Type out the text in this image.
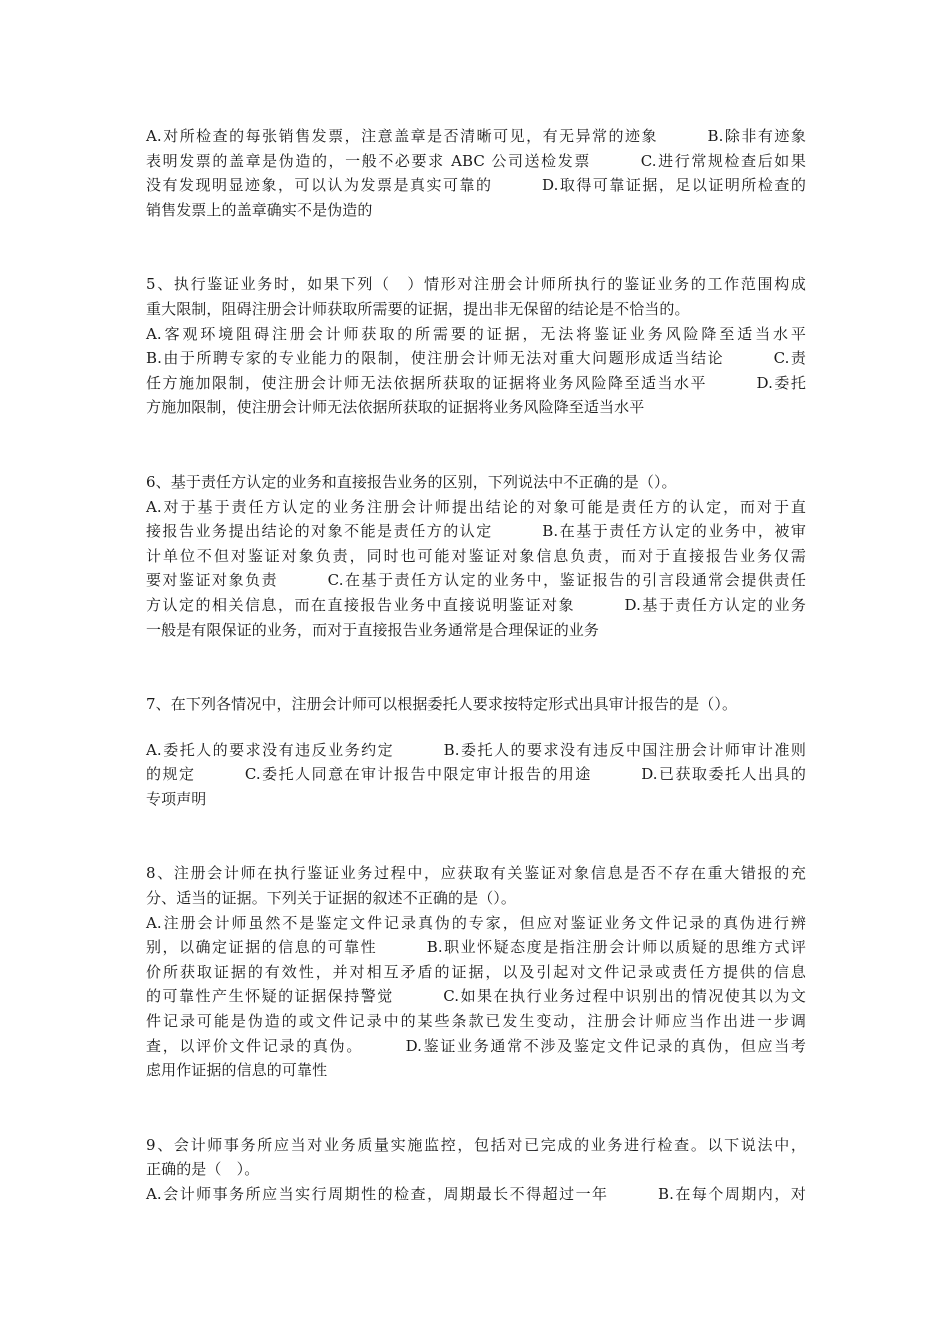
A.对所检查的每张销售发票，注意盖章是否清晰可见，有无异常的迹象　　　B.除非有迹象
表明发票的盖章是伪造的，一般不必要求 ABC 公司送检发票　　　C.进行常规检查后如果
没有发现明显迹象，可以认为发票是真实可靠的　　　D.取得可靠证据，足以证明所检查的
销售发票上的盖章确实不是伪造的
5、执行鉴证业务时，如果下列（　）情形对注册会计师所执行的鉴证业务的工作范围构成
重大限制，阻碍注册会计师获取所需要的证据，提出非无保留的结论是不恰当的。
A.客观环境阻碍注册会计师获取的所需要的证据，无法将鉴证业务风险降至适当水平
B.由于所聘专家的专业能力的限制，使注册会计师无法对重大问题形成适当结论　　　C.责
任方施加限制，使注册会计师无法依据所获取的证据将业务风险降至适当水平　　　D.委托
方施加限制，使注册会计师无法依据所获取的证据将业务风险降至适当水平
6、基于责任方认定的业务和直接报告业务的区别，下列说法中不正确的是（）。
A.对于基于责任方认定的业务注册会计师提出结论的对象可能是责任方的认定，而对于直
接报告业务提出结论的对象不能是责任方的认定　　　B.在基于责任方认定的业务中，被审
计单位不但对鉴证对象负责，同时也可能对鉴证对象信息负责，而对于直接报告业务仅需
要对鉴证对象负责　　　C.在基于责任方认定的业务中，鉴证报告的引言段通常会提供责任
方认定的相关信息，而在直接报告业务中直接说明鉴证对象　　　D.基于责任方认定的业务
一般是有限保证的业务，而对于直接报告业务通常是合理保证的业务
7、在下列各情况中，注册会计师可以根据委托人要求按特定形式出具审计报告的是（）。
A.委托人的要求没有违反业务约定　　　B.委托人的要求没有违反中国注册会计师审计准则
的规定　　　C.委托人同意在审计报告中限定审计报告的用途　　　D.已获取委托人出具的
专项声明
8、注册会计师在执行鉴证业务过程中，应获取有关鉴证对象信息是否不存在重大错报的充
分、适当的证据。下列关于证据的叙述不正确的是（）。
A.注册会计师虽然不是鉴定文件记录真伪的专家，但应对鉴证业务文件记录的真伪进行辨
别，以确定证据的信息的可靠性　　　B.职业怀疑态度是指注册会计师以质疑的思维方式评
价所获取证据的有效性，并对相互矛盾的证据，以及引起对文件记录或责任方提供的信息
的可靠性产生怀疑的证据保持警觉　　　C.如果在执行业务过程中识别出的情况使其以为文
件记录可能是伪造的或文件记录中的某些条款已发生变动，注册会计师应当作出进一步调
查，以评价文件记录的真伪。　　　D.鉴证业务通常不涉及鉴定文件记录的真伪，但应当考
虑用作证据的信息的可靠性
9、会计师事务所应当对业务质量实施监控，包括对已完成的业务进行检查。以下说法中，
正确的是（　）。
A.会计师事务所应当实行周期性的检查，周期最长不得超过一年　　　B.在每个周期内，对
